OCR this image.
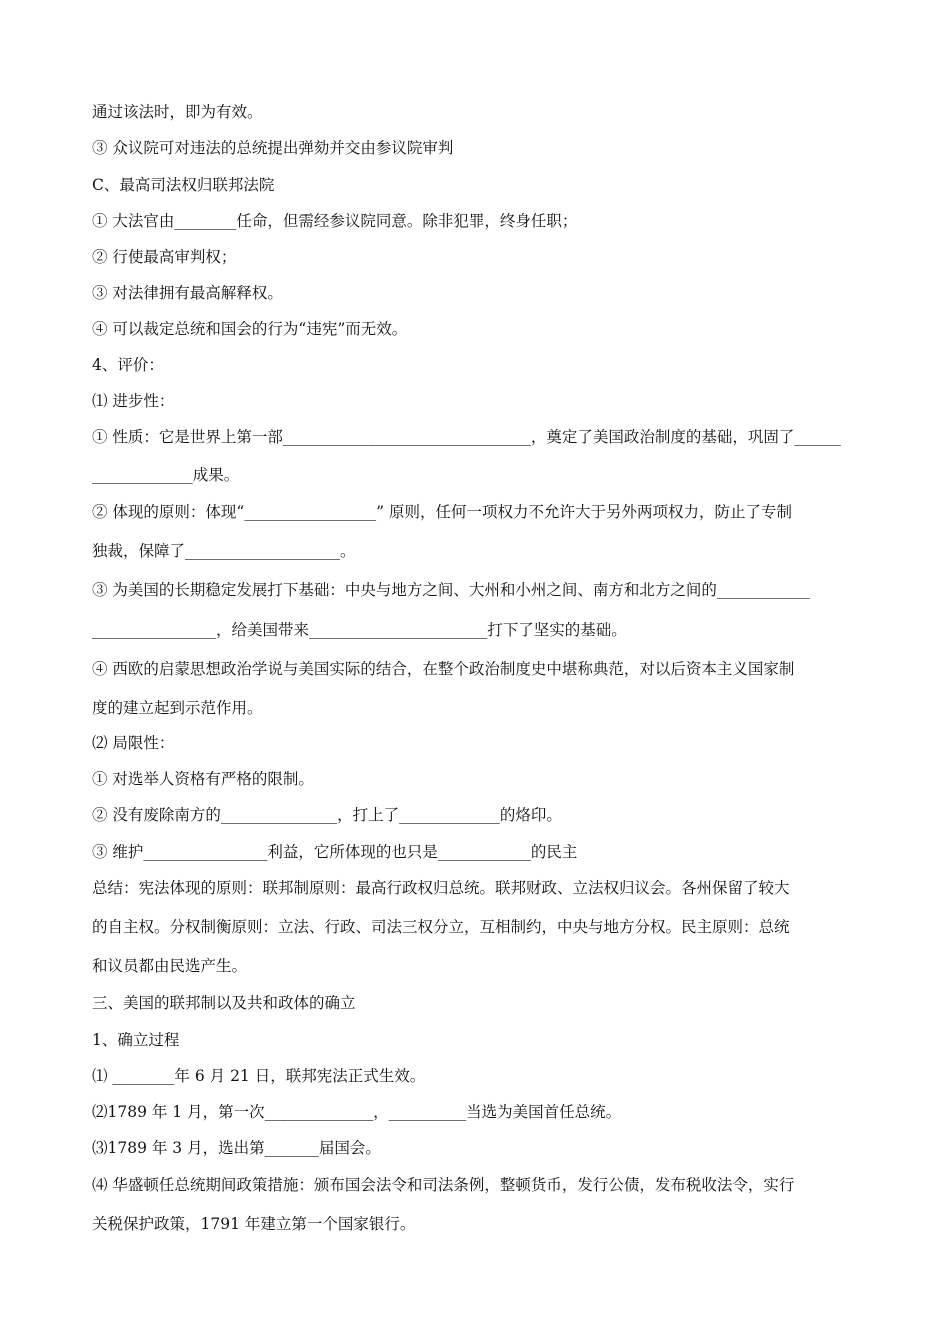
通过该法时，即为有效。
③ 众议院可对违法的总统提出弹劾并交由参议院审判
C、最高司法权归联邦法院
① 大法官由________任命，但需经参议院同意。除非犯罪，终身任职；
② 行使最高审判权；
③ 对法律拥有最高解释权。
④ 可以裁定总统和国会的行为“违宪”而无效。
4、评价：
⑴ 进步性：
① 性质：它是世界上第一部________________________________，奠定了美国政治制度的基础，巩固了______
_____________成果。
② 体现的原则：体现“_________________” 原则，任何一项权力不允许大于另外两项权力，防止了专制
独裁，保障了____________________。
③ 为美国的长期稳定发展打下基础：中央与地方之间、大州和小州之间、南方和北方之间的____________
________________，给美国带来_______________________打下了坚实的基础。
④ 西欧的启蒙思想政治学说与美国实际的结合，在整个政治制度史中堪称典范，对以后资本主义国家制
度的建立起到示范作用。
⑵ 局限性：
① 对选举人资格有严格的限制。
② 没有废除南方的_______________，打上了_____________的烙印。
③ 维护________________利益，它所体现的也只是____________的民主
总结：宪法体现的原则：联邦制原则：最高行政权归总统。联邦财政、立法权归议会。各州保留了较大
的自主权。分权制衡原则：立法、行政、司法三权分立，互相制约，中央与地方分权。民主原则：总统
和议员都由民选产生。
三、美国的联邦制以及共和政体的确立
1、确立过程
⑴ ________年 6 月 21 日，联邦宪法正式生效。
⑵1789 年 1 月，第一次______________，__________当选为美国首任总统。
⑶1789 年 3 月，选出第_______届国会。
⑷ 华盛顿任总统期间政策措施：颁布国会法令和司法条例，整顿货币，发行公债，发布税收法令，实行
关税保护政策，1791 年建立第一个国家银行。
